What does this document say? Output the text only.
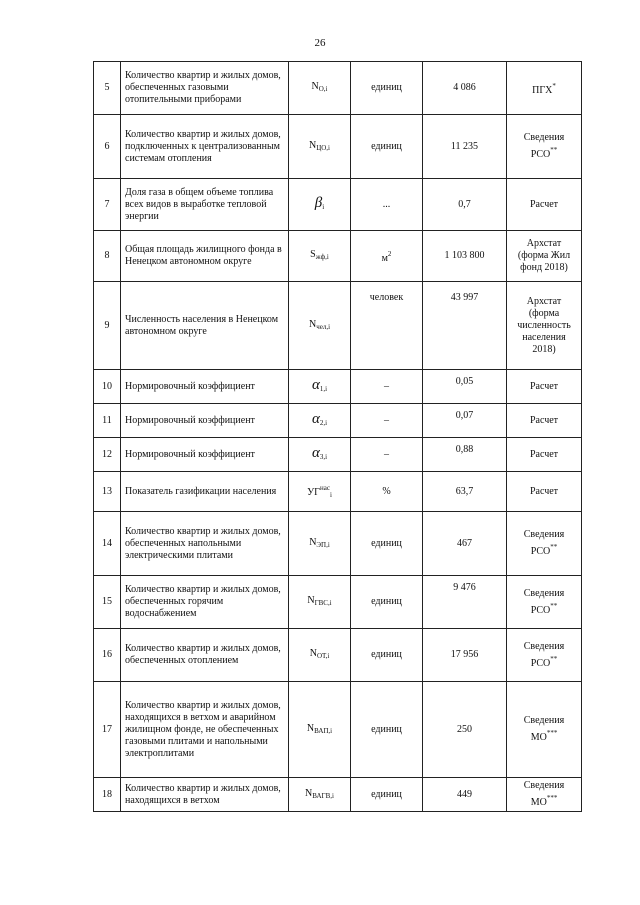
26
5	Количество квартир и жилых домов, обеспеченных газовыми отопительными приборами	$N_{О,i}$	единиц	4 086	ПГХ*
6	Количество квартир и жилых домов, подключенных к централизованным системам отопления	$N_{ЦО,i}$	единиц	11 235	Сведения РСО**
7	Доля газа в общем объеме топлива всех видов в выработке тепловой энергии	$\beta_i$	...	0,7	Расчет
8	Общая площадь жилищного фонда в Ненецком автономном округе	$S_{жф,i}$	$м^2$	1 103 800	Архстат (форма Жил фонд 2018)
9	Численность населения в Ненецком автономном округе	$N_{чел,i}$	человек	43 997	Архстат (форма численность населения 2018)
10	Нормировочный коэффициент	$\alpha_{1,i}$	–	0,05	Расчет
11	Нормировочный коэффициент	$\alpha_{2,i}$	–	0,07	Расчет
12	Нормировочный коэффициент	$\alpha_{3,i}$	–	0,88	Расчет
13	Показатель газификации населения	$УГ^{нас}_i$	%	63,7	Расчет
14	Количество квартир и жилых домов, обеспеченных напольными электрическими плитами	$N_{ЭП,i}$	единиц	467	Сведения РСО**
15	Количество квартир и жилых домов, обеспеченных горячим водоснабжением	$N_{ГВС,i}$	единиц	9 476	Сведения РСО**
16	Количество квартир и жилых домов, обеспеченных отоплением	$N_{ОТ,i}$	единиц	17 956	Сведения РСО**
17	Количество квартир и жилых домов, находящихся в ветхом и аварийном жилищном фонде, не обеспеченных газовыми плитами и напольными электроплитами	$N_{ВАП,i}$	единиц	250	Сведения МО***
18	Количество квартир и жилых домов, находящихся в ветхом	$N_{ВАГВ,i}$	единиц	449	Сведения МО***
